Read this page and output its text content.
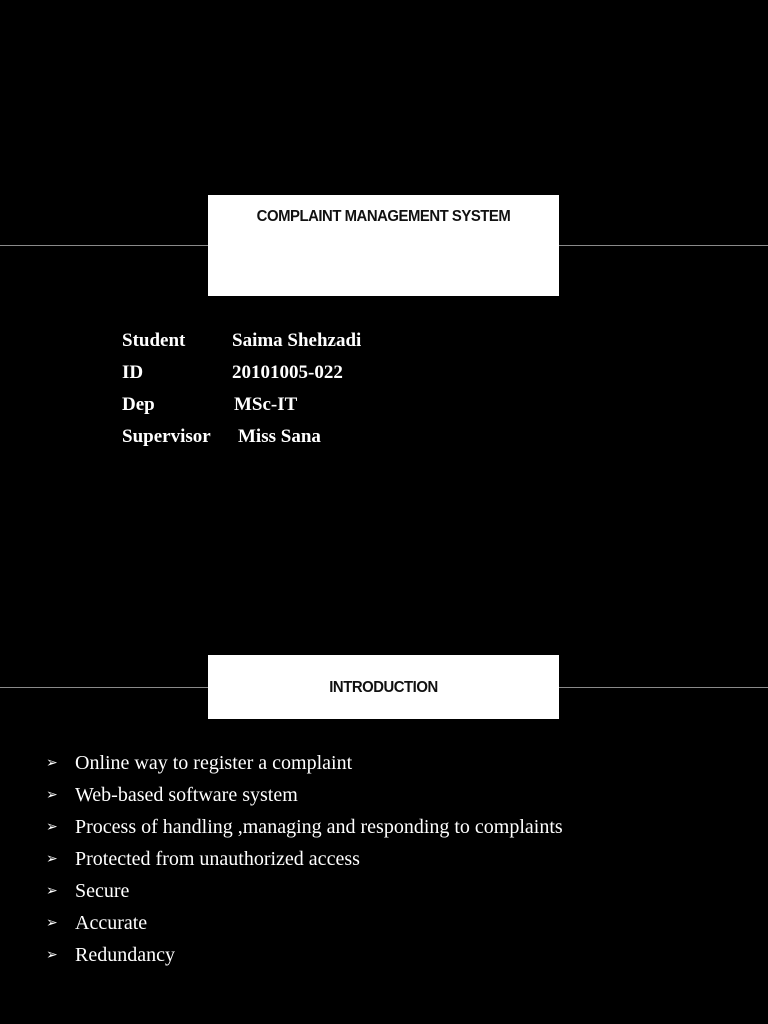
COMPLAINT MANAGEMENT SYSTEM
Student Saima Shehzadi
ID	20101005-022
Dep	MSc-IT
Supervisor Miss Sana
INTRODUCTION
➢ Online way to register a complaint
➢ Web-based software system
➢ Process of handling ,managing and responding to complaints
➢ Protected from unauthorized access
➢ Secure
➢ Accurate
➢ Redundancy
